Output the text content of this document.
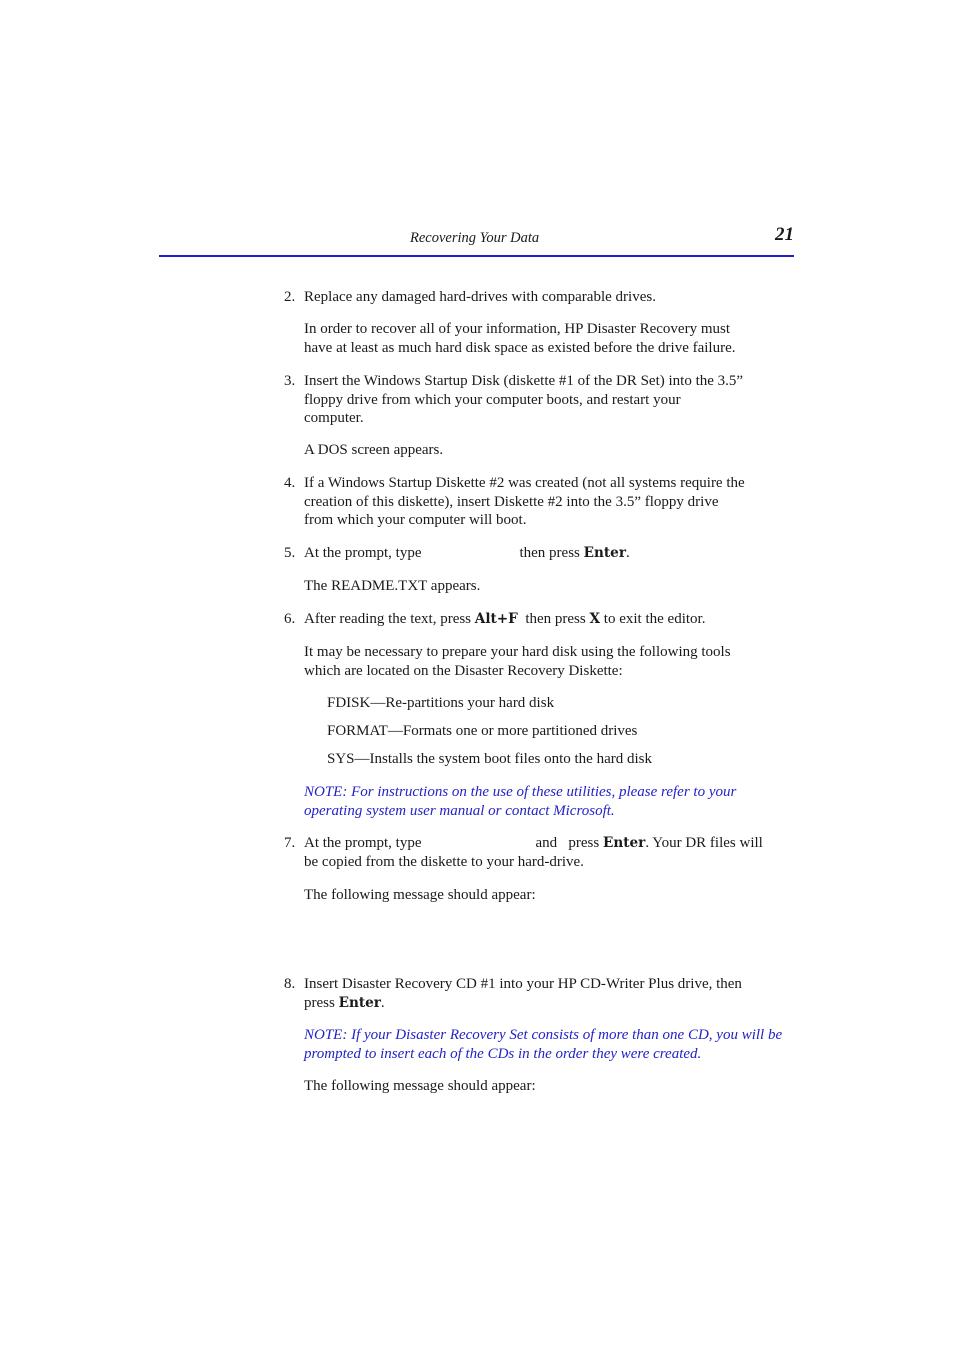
Recovering Your Data	21
2. Replace any damaged hard-drives with comparable drives.
In order to recover all of your information, HP Disaster Recovery must
have at least as much hard disk space as existed before the drive failure.
3. Insert the Windows Startup Disk (diskette #1 of the DR Set) into the 3.5”
floppy drive from which your computer boots, and restart your
computer.
A DOS screen appears.
4. If a Windows Startup Diskette #2 was created (not all systems require the
creation of this diskette), insert Diskette #2 into the 3.5” floppy drive
from which your computer will boot.
5. At the prompt, type	then press Enter.
The README.TXT appears.
6. After reading the text, press Alt+F then press X to exit the editor.
It may be necessary to prepare your hard disk using the following tools
which are located on the Disaster Recovery Diskette:
FDISK—Re-partitions your hard disk
FORMAT—Formats one or more partitioned drives
SYS—Installs the system boot files onto the hard disk
NOTE: For instructions on the use of these utilities, please refer to your
operating system user manual or contact Microsoft.
7. At the prompt, type	and press Enter. Your DR files will
be copied from the diskette to your hard-drive.
The following message should appear:
8. Insert Disaster Recovery CD #1 into your HP CD-Writer Plus drive, then
press Enter.
NOTE: If your Disaster Recovery Set consists of more than one CD, you will be
prompted to insert each of the CDs in the order they were created.
The following message should appear:
